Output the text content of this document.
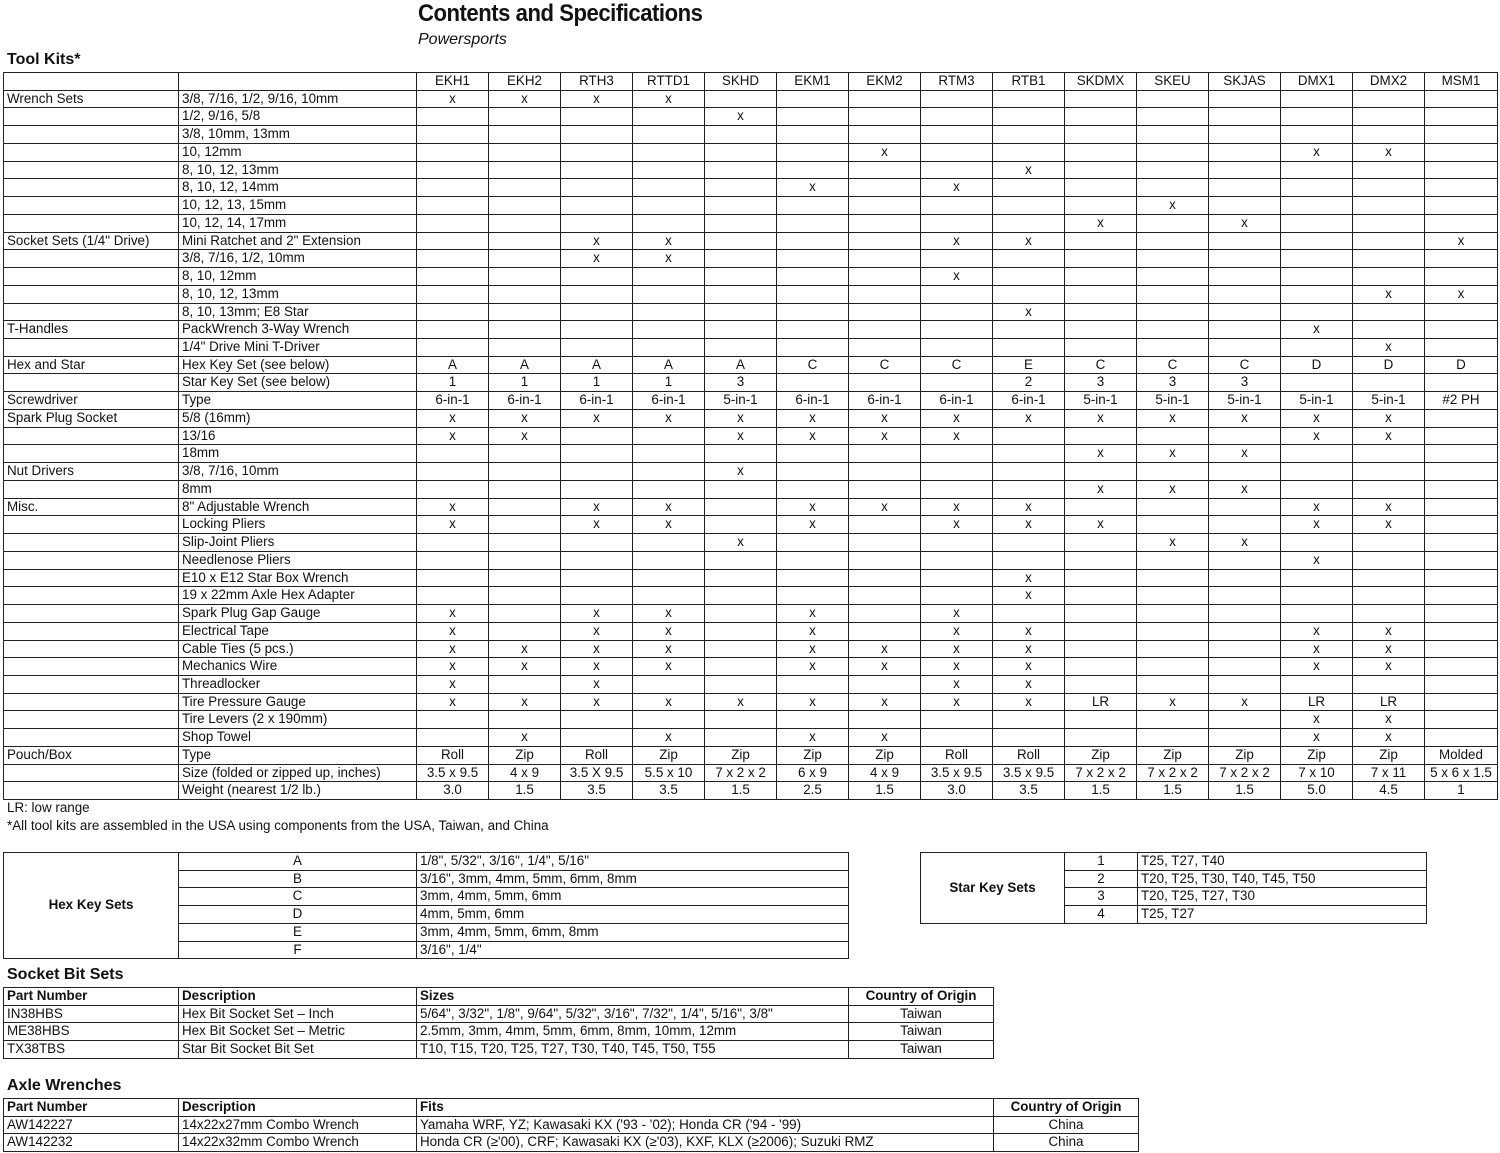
Contents and Specifications
Powersports
Tool Kits*
		EKH1	EKH2	RTH3	RTTD1	SKHD	EKM1	EKM2	RTM3	RTB1	SKDMX	SKEU	SKJAS	DMX1	DMX2	MSM1
Wrench Sets	3/8, 7/16, 1/2, 9/16, 10mm	x	x	x	x											
	1/2, 9/16, 5/8					x										
	3/8, 10mm, 13mm															
	10, 12mm							x						x	x	
	8, 10, 12, 13mm									x						
	8, 10, 12, 14mm						x		x							
	10, 12, 13, 15mm											x				
	10, 12, 14, 17mm										x		x			
Socket Sets (1/4" Drive)	Mini Ratchet and 2" Extension			x	x				x	x						x
	3/8, 7/16, 1/2, 10mm			x	x											
	8, 10, 12mm								x							
	8, 10, 12, 13mm														x	x
	8, 10, 13mm; E8 Star									x						
T-Handles	PackWrench 3-Way Wrench													x		
	1/4" Drive Mini T-Driver														x	
Hex and Star	Hex Key Set (see below)	A	A	A	A	A	C	C	C	E	C	C	C	D	D	D
	Star Key Set (see below)	1	1	1	1	3				2	3	3	3			
Screwdriver	Type	6-in-1	6-in-1	6-in-1	6-in-1	5-in-1	6-in-1	6-in-1	6-in-1	6-in-1	5-in-1	5-in-1	5-in-1	5-in-1	5-in-1	#2 PH
Spark Plug Socket	5/8 (16mm)	x	x	x	x	x	x	x	x	x	x	x	x	x	x	
	13/16	x	x			x	x	x	x					x	x	
	18mm										x	x	x			
Nut Drivers	3/8, 7/16, 10mm					x										
	8mm										x	x	x			
Misc.	8" Adjustable Wrench	x		x	x		x	x	x	x				x	x	
	Locking Pliers	x		x	x		x		x	x	x			x	x	
	Slip-Joint Pliers					x						x	x			
	Needlenose Pliers													x		
	E10 x E12 Star Box Wrench									x						
	19 x 22mm Axle Hex Adapter									x						
	Spark Plug Gap Gauge	x		x	x		x		x							
	Electrical Tape	x		x	x		x		x	x				x	x	
	Cable Ties (5 pcs.)	x	x	x	x		x	x	x	x				x	x	
	Mechanics Wire	x	x	x	x		x	x	x	x				x	x	
	Threadlocker	x		x					x	x						
	Tire Pressure Gauge	x	x	x	x	x	x	x	x	x	LR	x	x	LR	LR	
	Tire Levers (2 x 190mm)													x	x	
	Shop Towel		x		x		x	x						x	x	
Pouch/Box	Type	Roll	Zip	Roll	Zip	Zip	Zip	Zip	Roll	Roll	Zip	Zip	Zip	Zip	Zip	Molded
	Size (folded or zipped up, inches)	3.5 x 9.5	4 x 9	3.5 X 9.5	5.5 x 10	7 x 2 x 2	6 x 9	4 x 9	3.5 x 9.5	3.5 x 9.5	7 x 2 x 2	7 x 2 x 2	7 x 2 x 2	7 x 10	7 x 11	5 x 6 x 1.5
	Weight (nearest 1/2 lb.)	3.0	1.5	3.5	3.5	1.5	2.5	1.5	3.0	3.5	1.5	1.5	1.5	5.0	4.5	1
LR: low range
*All tool kits are assembled in the USA using components from the USA, Taiwan, and China
Hex Key Sets	A	1/8", 5/32", 3/16", 1/4", 5/16"
	B	3/16", 3mm, 4mm, 5mm, 6mm, 8mm
	C	3mm, 4mm, 5mm, 6mm
	D	4mm, 5mm, 6mm
	E	3mm, 4mm, 5mm, 6mm, 8mm
	F	3/16", 1/4"
Star Key Sets	1	T25, T27, T40
	2	T20, T25, T30, T40, T45, T50
	3	T20, T25, T27, T30
	4	T25, T27
Socket Bit Sets
Part Number	Description	Sizes	Country of Origin
IN38HBS	Hex Bit Socket Set – Inch	5/64", 3/32", 1/8", 9/64", 5/32", 3/16", 7/32", 1/4", 5/16", 3/8"	Taiwan
ME38HBS	Hex Bit Socket Set – Metric	2.5mm, 3mm, 4mm, 5mm, 6mm, 8mm, 10mm, 12mm	Taiwan
TX38TBS	Star Bit Socket Bit Set	T10, T15, T20, T25, T27, T30, T40, T45, T50, T55	Taiwan
Axle Wrenches
Part Number	Description	Fits	Country of Origin
AW142227	14x22x27mm Combo Wrench	Yamaha WRF, YZ; Kawasaki KX ('93 - '02); Honda CR ('94 - '99)	China
AW142232	14x22x32mm Combo Wrench	Honda CR (≥'00), CRF; Kawasaki KX (≥'03), KXF, KLX (≥2006); Suzuki RMZ	China
